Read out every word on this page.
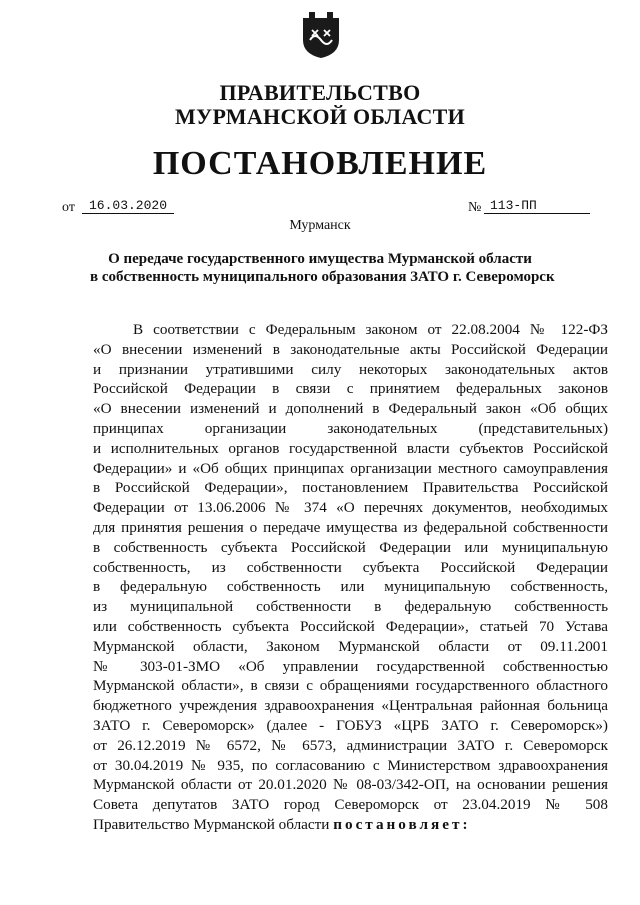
ПРАВИТЕЛЬСТВО
МУРМАНСКОЙ ОБЛАСТИ
ПОСТАНОВЛЕНИЕ
от	16.03.2020	№ 113-ПП
Мурманск
О передаче государственного имущества Мурманской области
в собственность муниципального образования ЗАТО г. Североморск
В соответствии с Федеральным законом от 22.08.2004 № 122-ФЗ
«О внесении изменений в законодательные акты Российской Федерации
и признании утратившими силу некоторых законодательных актов
Российской Федерации в связи с принятием федеральных законов
«О внесении изменений и дополнений в Федеральный закон «Об общих
принципах организации законодательных (представительных)
и исполнительных органов государственной власти субъектов Российской
Федерации» и «Об общих принципах организации местного самоуправления
в Российской Федерации», постановлением Правительства Российской
Федерации от 13.06.2006 № 374 «О перечнях документов, необходимых
для принятия решения о передаче имущества из федеральной собственности
в собственность субъекта Российской Федерации или муниципальную
собственность, из собственности субъекта Российской Федерации
в федеральную собственность или муниципальную собственность,
из муниципальной собственности в федеральную собственность
или собственность субъекта Российской Федерации», статьей 70 Устава
Мурманской области, Законом Мурманской области от 09.11.2001
№ 303-01-ЗМО «Об управлении государственной собственностью
Мурманской области», в связи с обращениями государственного областного
бюджетного учреждения здравоохранения «Центральная районная больница
ЗАТО г. Североморск» (далее - ГОБУЗ «ЦРБ ЗАТО г. Североморск»)
от 26.12.2019 № 6572, № 6573, администрации ЗАТО г. Североморск
от 30.04.2019 № 935, по согласованию с Министерством здравоохранения
Мурманской области от 20.01.2020 № 08-03/342-ОП, на основании решения
Совета депутатов ЗАТО город Североморск от 23.04.2019 № 508
Правительство Мурманской области постановляет:
